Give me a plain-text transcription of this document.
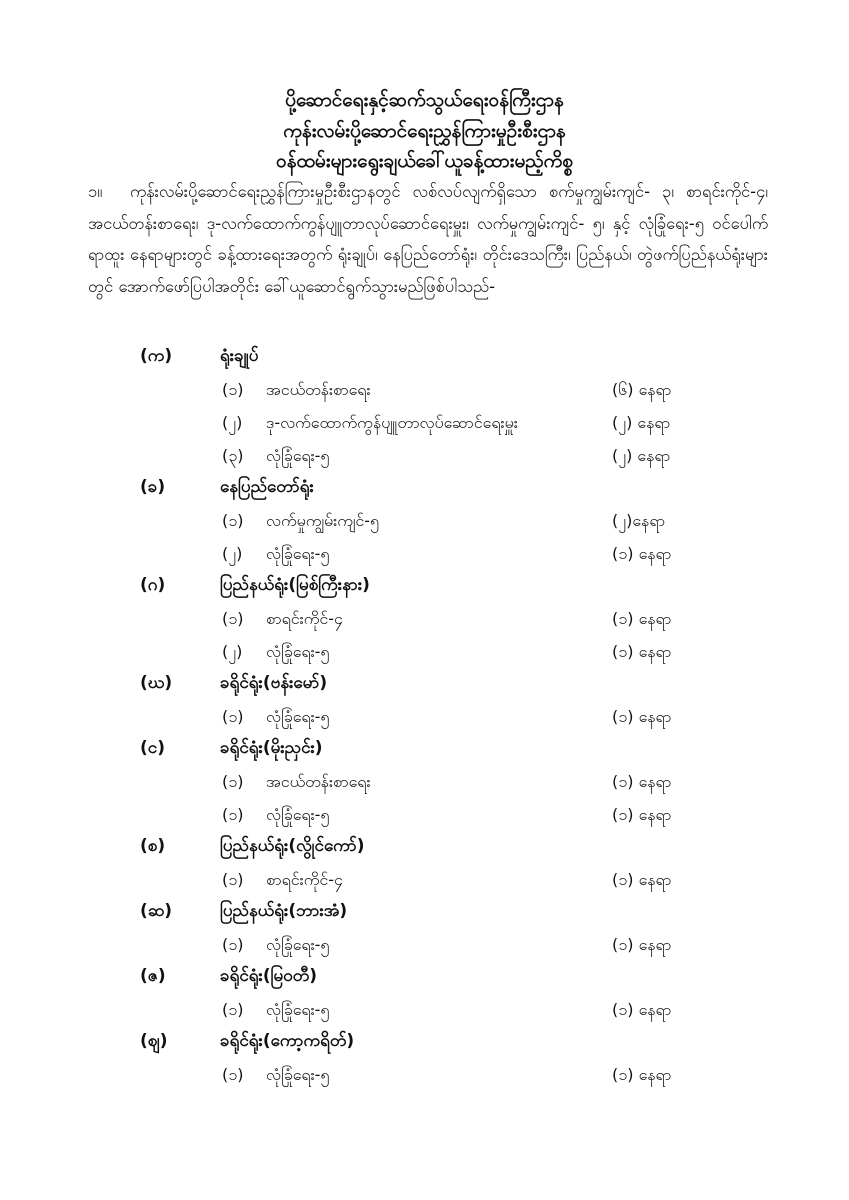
ပို့ဆောင်ရေးနှင့်ဆက်သွယ်ရေးဝန်ကြီးဌာန
ကုန်းလမ်းပို့ဆောင်ရေးညွှန်ကြားမှုဦးစီးဌာန
ဝန်ထမ်းများရွေးချယ်ခေါ်ယူခန့်ထားမည့်ကိစ္စ
၁။ ကုန်းလမ်းပို့ဆောင်ရေးညွှန်ကြားမှုဦးစီးဌာနတွင် လစ်လပ်လျက်ရှိသော စက်မှုကျွမ်းကျင်- ၃၊ စာရင်းကိုင်-၄၊ အငယ်တန်းစာရေး၊ ဒု-လက်ထောက်ကွန်ပျူတာလုပ်ဆောင်ရေးမှူး၊ လက်မှုကျွမ်းကျင်- ၅၊ နှင့် လုံခြုံရေး-၅ ဝင်ပေါက်ရာထူး နေရာများတွင် ခန့်ထားရေးအတွက် ရုံးချုပ်၊ နေပြည်တော်ရုံး၊ တိုင်းဒေသကြီး၊ ပြည်နယ်၊ တွဲဖက်ပြည်နယ်ရုံးများတွင် အောက်ဖော်ပြပါအတိုင်း ခေါ်ယူဆောင်ရွက်သွားမည်ဖြစ်ပါသည်-
(က)	ရုံးချုပ်
(၁) အငယ်တန်းစာရေး	(၆) နေရာ
(၂) ဒု-လက်ထောက်ကွန်ပျူတာလုပ်ဆောင်ရေးမှူး	(၂) နေရာ
(၃) လုံခြုံရေး-၅	(၂) နေရာ
(ခ)	နေပြည်တော်ရုံး
(၁) လက်မှုကျွမ်းကျင်-၅	(၂)နေရာ
(၂) လုံခြုံရေး-၅	(၁) နေရာ
(ဂ)	ပြည်နယ်ရုံး(မြစ်ကြီးနား)
(၁) စာရင်းကိုင်-၄	(၁) နေရာ
(၂) လုံခြုံရေး-၅	(၁) နေရာ
(ဃ)	ခရိုင်ရုံး(ဗန်းမော်)
(၁) လုံခြုံရေး-၅	(၁) နေရာ
(င)	ခရိုင်ရုံး(မိုးညှင်း)
(၁) အငယ်တန်းစာရေး	(၁) နေရာ
(၁) လုံခြုံရေး-၅	(၁) နေရာ
(စ)	ပြည်နယ်ရုံး(လွိုင်ကော်)
(၁) စာရင်းကိုင်-၄	(၁) နေရာ
(ဆ)	ပြည်နယ်ရုံး(ဘားအံ)
(၁) လုံခြုံရေး-၅	(၁) နေရာ
(ဇ)	ခရိုင်ရုံး(မြဝတီ)
(၁) လုံခြုံရေး-၅	(၁) နေရာ
(ဈ)	ခရိုင်ရုံး(ကော့ကရိတ်)
(၁) လုံခြုံရေး-၅	(၁) နေရာ
